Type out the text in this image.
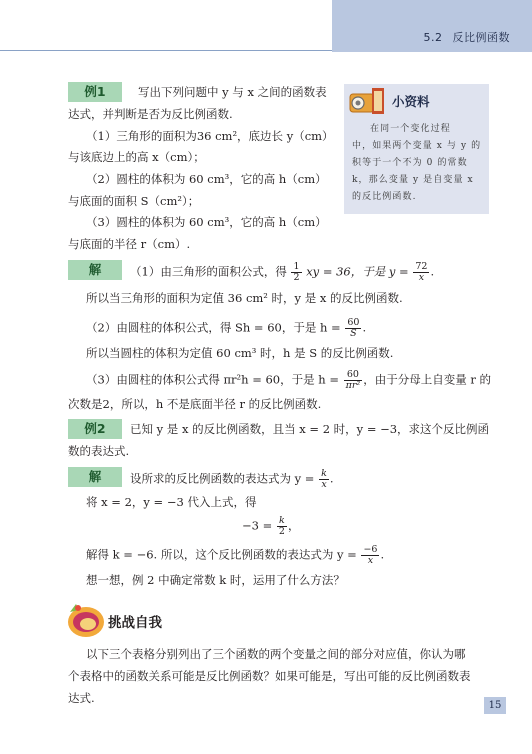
5.2 反比例函数
例1	写出下列问题中 y 与 x 之间的函数表
达式，并判断是否为反比例函数.
（1）三角形的面积为36 cm²，底边长 y（cm）
与该底边上的高 x（cm）；
（2）圆柱的体积为 60 cm³，它的高 h（cm）
与底面的面积 S（cm²）；
（3）圆柱的体积为 60 cm³，它的高 h（cm）
与底面的半径 r（cm）.
小资料
在同一个变化过程
中，如果两个变量 x 与 y 的
积等于一个不为 0 的常数
k，那么变量 y 是自变量 x
的反比例函数.
解	（1）由三角形的面积公式，得 $\frac{1}{2}$ xy = 36，于是 $y = \frac{72}{x}$ .
所以当三角形的面积为定值 36 cm² 时，y 是 x 的反比例函数.
（2）由圆柱的体积公式，得 Sh = 60，于是 $h = \frac{60}{S}$ .
所以当圆柱的体积为定值 60 cm³ 时，h 是 S 的反比例函数.
（3）由圆柱的体积公式得 πr²h = 60，于是 $h = \frac{60}{\text{πr²}}$ ，由于分母上自变量 r 的
次数是2，所以，h 不是底面半径 r 的反比例函数.
例2	已知 y 是 x 的反比例函数，且当 x = 2 时，y = −3，求这个反比例函
数的表达式.
解	设所求的反比例函数的表达式为 $y = \frac{k}{x}$ .
将 x = 2，y = −3 代入上式，得
$-3 = \frac{k}{2}$ ，
解得 k = −6. 所以，这个反比例函数的表达式为 $y = \frac{-6}{x}$ .
想一想，例 2 中确定常数 k 时，运用了什么方法？
挑战自我
以下三个表格分别列出了三个函数的两个变量之间的部分对应值，你认为哪
个表格中的函数关系可能是反比例函数？如果可能是，写出可能的反比例函数表
达式.
15
